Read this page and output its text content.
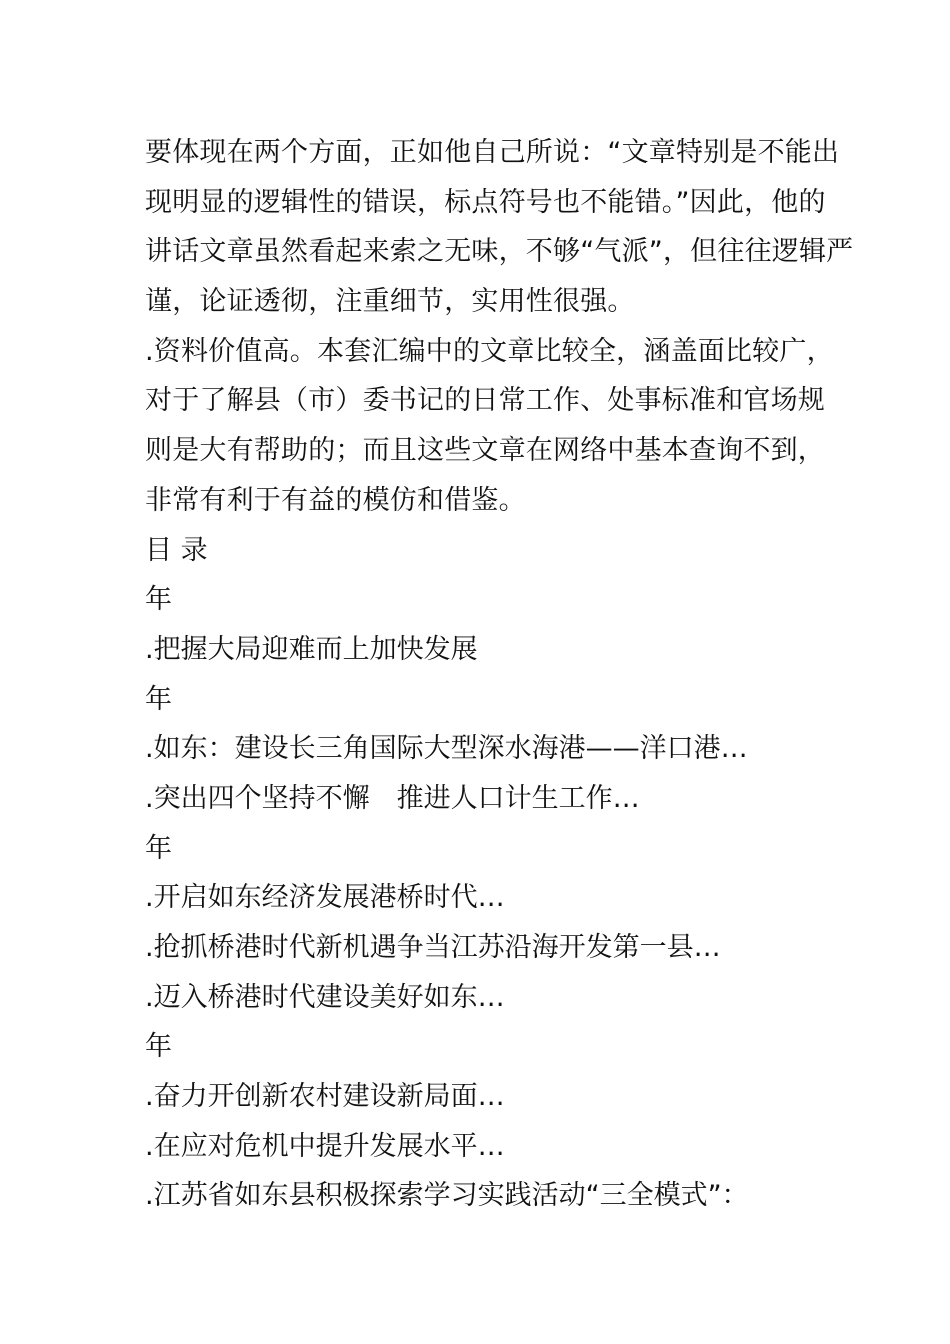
要体现在两个方面，正如他自己所说：“文章特别是不能出
现明显的逻辑性的错误，标点符号也不能错。”因此，他的
讲话文章虽然看起来索之无味，不够“气派”，但往往逻辑严
谨，论证透彻，注重细节，实用性很强。
.资料价值高。本套汇编中的文章比较全，涵盖面比较广，
对于了解县（市）委书记的日常工作、处事标准和官场规
则是大有帮助的；而且这些文章在网络中基本查询不到，
非常有利于有益的模仿和借鉴。
目 录
年
.把握大局迎难而上加快发展
年
.如东：建设长三角国际大型深水海港——洋口港…
.突出四个坚持不懈　推进人口计生工作…
年
.开启如东经济发展港桥时代…
.抢抓桥港时代新机遇争当江苏沿海开发第一县…
.迈入桥港时代建设美好如东…
年
.奋力开创新农村建设新局面…
.在应对危机中提升发展水平…
.江苏省如东县积极探索学习实践活动“三全模式”：
